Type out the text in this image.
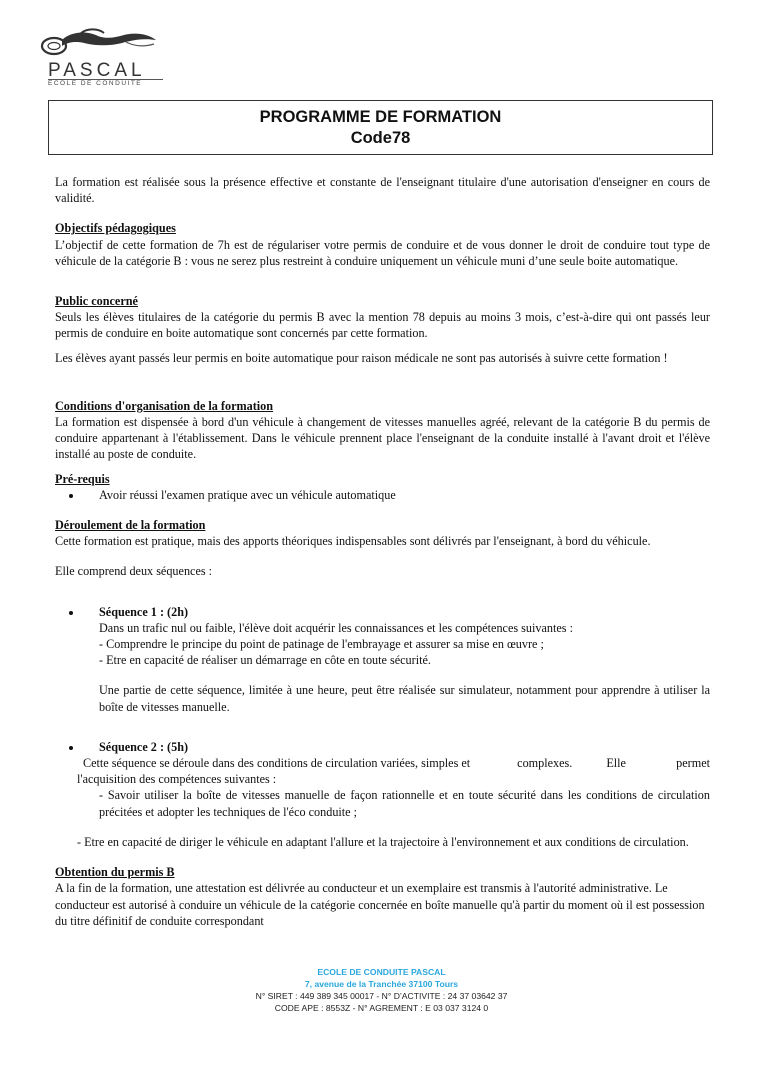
PASCAL
ECOLE DE CONDUITE
PROGRAMME DE FORMATION
Code78

La formation est réalisée sous la présence effective et constante de l'enseignant titulaire d'une autorisation d'enseigner en cours de validité.

Objectifs pédagogiques

L’objectif de cette formation de 7h est de régulariser votre permis de conduire et de vous donner le droit de conduire tout type de véhicule de la catégorie B : vous ne serez plus restreint à conduire uniquement un véhicule muni d’une seule boite automatique.

Public concerné

Seuls les élèves titulaires de la catégorie du permis B avec la mention 78 depuis au moins 3 mois, c’est-à-dire qui ont passés leur permis de conduire en boite automatique sont concernés par cette formation.

Les élèves ayant passés leur permis en boite automatique pour raison médicale ne sont pas autorisés à suivre cette formation !

Conditions d'organisation de la formation

La formation est dispensée à bord d'un véhicule à changement de vitesses manuelles agréé, relevant de la catégorie B du permis de conduire appartenant à l'établissement. Dans le véhicule prennent place l'enseignant de la conduite installé à l'avant droit et l'élève installé au poste de conduite.

Pré-requis

• Avoir réussi l'examen pratique avec un véhicule automatique

Déroulement de la formation

Cette formation est pratique, mais des apports théoriques indispensables sont délivrés par l'enseignant, à bord du véhicule.

Elle comprend deux séquences :

• Séquence 1 : (2h)

Dans un trafic nul ou faible, l'élève doit acquérir les connaissances et les compétences suivantes :

- Comprendre le principe du point de patinage de l'embrayage et assurer sa mise en œuvre ;

- Etre en capacité de réaliser un démarrage en côte en toute sécurité.

Une partie de cette séquence, limitée à une heure, peut être réalisée sur simulateur, notamment pour apprendre à utiliser la boîte de vitesses manuelle.

• Séquence 2 : (5h)

Cette séquence se déroule dans des conditions de circulation variées, simples et	complexes.	Elle	permet

l'acquisition des compétences suivantes :

- Savoir utiliser la boîte de vitesses manuelle de façon rationnelle et en toute sécurité dans les conditions de circulation précitées et adopter les techniques de l'éco conduite ;

- Etre en capacité de diriger le véhicule en adaptant l'allure et la trajectoire à l'environnement et aux conditions de circulation.

Obtention du permis B

A la fin de la formation, une attestation est délivrée au conducteur et un exemplaire est transmis à l'autorité administrative. Le conducteur est autorisé à conduire un véhicule de la catégorie concernée en boîte manuelle qu'à partir du moment où il est possession du titre définitif de conduite correspondant

ECOLE DE CONDUITE PASCAL
7, avenue de la Tranchée 37100 Tours
N° SIRET : 449 389 345 00017 - N° D’ACTIVITE : 24 37 03642 37
CODE APE : 8553Z - N° AGREMENT : E 03 037 3124 0
